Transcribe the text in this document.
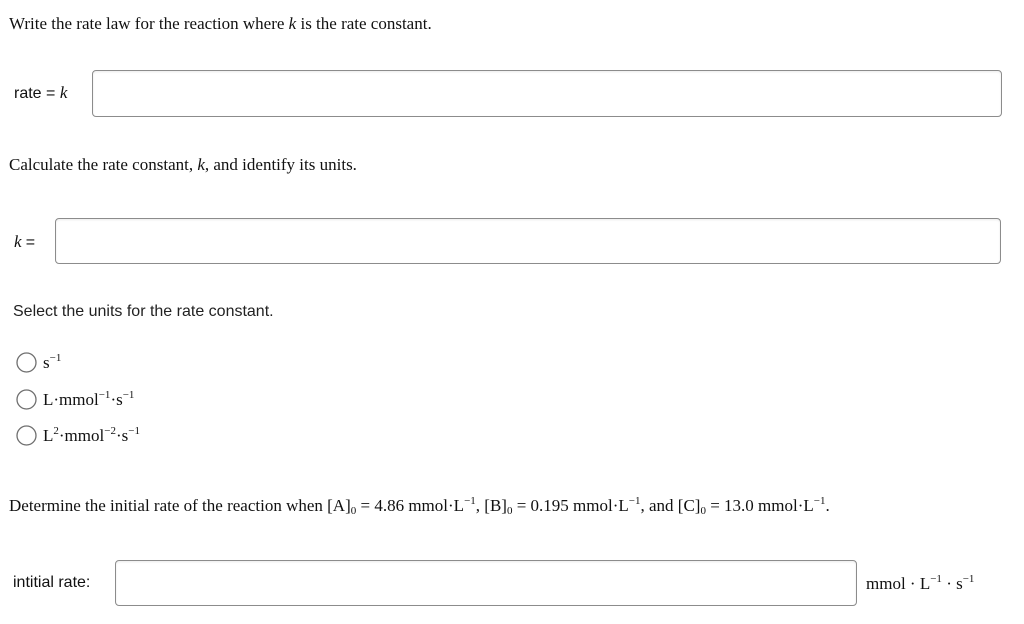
Write the rate law for the reaction where k is the rate constant.
rate = k
Calculate the rate constant, k, and identify its units.
k =
Select the units for the rate constant.
$s^{-1}$
$L\cdot mmol^{-1}\cdot s^{-1}$
$L^2\cdot mmol^{-2}\cdot s^{-1}$
Determine the initial rate of the reaction when $[A]_0 = 4.86$ $mmol\cdot L^{-1}$, $[B]_0 = 0.195$ $mmol\cdot L^{-1}$, and $[C]_0 = 13.0$ $mmol\cdot L^{-1}$.
intitial rate:	mmol · $L^{-1} \cdot s^{-1}$
